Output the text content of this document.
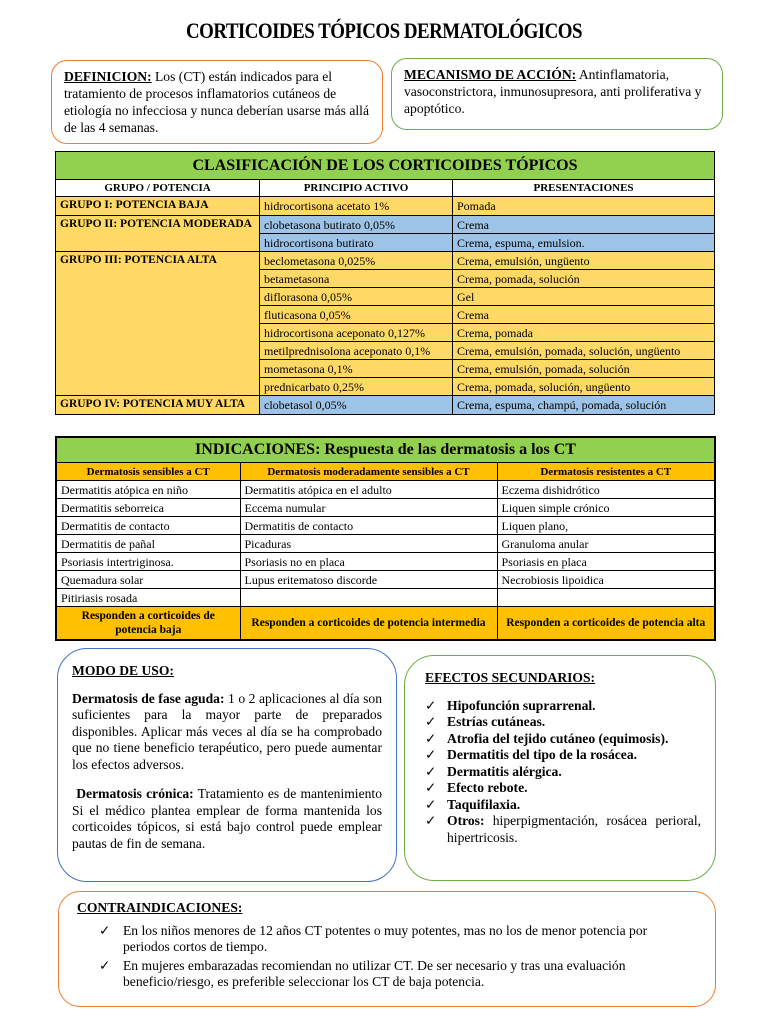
CORTICOIDES TÓPICOS DERMATOLÓGICOS
DEFINICION: Los (CT) están indicados para el tratamiento de procesos inflamatorios cutáneos de etiología no infecciosa y nunca deberían usarse más allá de las 4 semanas.
MECANISMO DE ACCIÓN: Antinflamatoria, vasoconstrictora, inmunosupresora, anti proliferativa y apoptótico.
CLASIFICACIÓN DE LOS CORTICOIDES TÓPICOS		
GRUPO / POTENCIA	PRINCIPIO ACTIVO	PRESENTACIONES
GRUPO I: POTENCIA BAJA	hidrocortisona acetato 1%	Pomada
GRUPO II: POTENCIA MODERADA	clobetasona butirato 0,05%	Crema
	hidrocortisona butirato	Crema, espuma, emulsion.
GRUPO III: POTENCIA ALTA	beclometasona 0,025%	Crema, emulsión, ungüento
	betametasona	Crema, pomada, solución
	diflorasona 0,05%	Gel
	fluticasona 0,05%	Crema
	hidrocortisona aceponato 0,127%	Crema, pomada
	metilprednisolona aceponato 0,1%	Crema, emulsión, pomada, solución, ungüento
	mometasona 0,1%	Crema, emulsión, pomada, solución
	prednicarbato 0,25%	Crema, pomada, solución, ungüento
GRUPO IV: POTENCIA MUY ALTA	clobetasol 0,05%	Crema, espuma, champú, pomada, solución
INDICACIONES: Respuesta de las dermatosis a los CT		
Dermatosis sensibles a CT	Dermatosis moderadamente sensibles a CT	Dermatosis resistentes a CT
Dermatitis atópica en niño	Dermatitis atópica en el adulto	Eczema dishidrótico
Dermatitis seborreica	Eccema numular	Liquen simple crónico
Dermatitis de contacto	Dermatitis de contacto	Liquen plano,
Dermatitis de pañal	Picaduras	Granuloma anular
Psoriasis intertriginosa.	Psoriasis no en placa	Psoriasis en placa
Quemadura solar	Lupus eritematoso discorde	Necrobiosis lipoidica
Pitiriasis rosada		
Responden a corticoides de potencia baja	Responden a corticoides de potencia intermedia	Responden a corticoides de potencia alta

MODO DE USO:

Dermatosis de fase aguda: 1 o 2 aplicaciones al día son suficientes para la mayor parte de preparados disponibles. Aplicar más veces al día se ha comprobado que no tiene beneficio terapéutico, pero puede aumentar los efectos adversos.

Dermatosis crónica: Tratamiento es de mantenimiento Si el médico plantea emplear de forma mantenida los corticoides tópicos, si está bajo control puede emplear pautas de fin de semana.

EFECTOS SECUNDARIOS:
✓ Hipofunción suprarrenal.
✓ Estrías cutáneas.
✓ Atrofia del tejido cutáneo (equimosis).
✓ Dermatitis del tipo de la rosácea.
✓ Dermatitis alérgica.
✓ Efecto rebote.
✓ Taquifilaxia.
✓ Otros: hiperpigmentación, rosácea perioral, hipertricosis.
CONTRAINDICACIONES:
✓ En los niños menores de 12 años CT potentes o muy potentes, mas no los de menor potencia por periodos cortos de tiempo.
✓ En mujeres embarazadas recomiendan no utilizar CT. De ser necesario y tras una evaluación beneficio/riesgo, es preferible seleccionar los CT de baja potencia.
